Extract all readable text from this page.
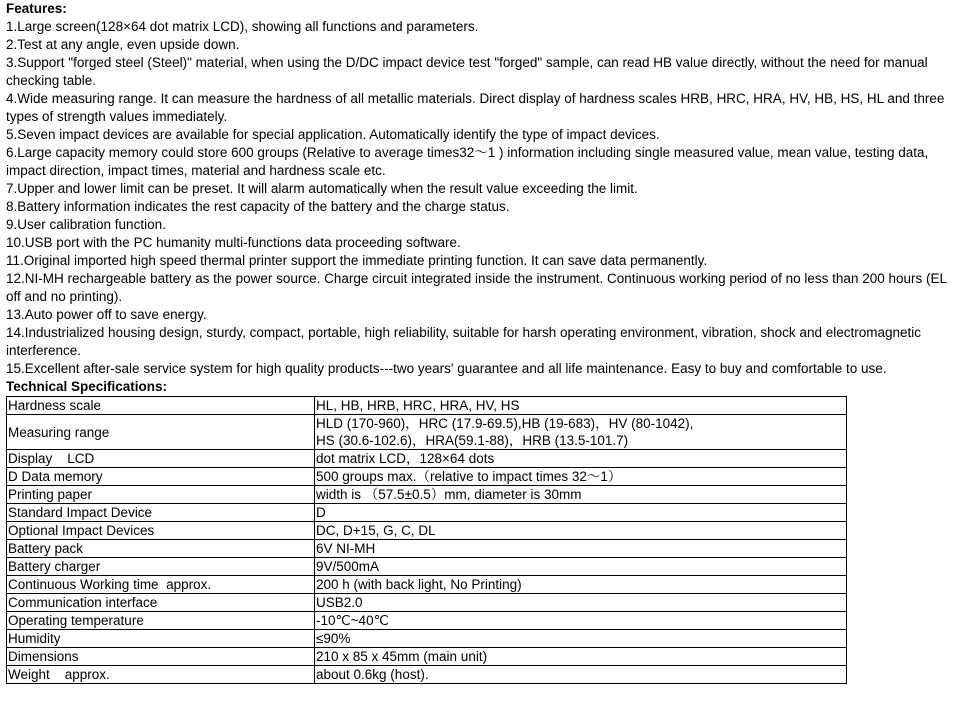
Features:
1.Large screen(128×64 dot matrix LCD), showing all functions and parameters.
2.Test at any angle, even upside down.
3.Support "forged steel (Steel)" material, when using the D/DC impact device test "forged" sample, can read HB value directly, without the need for manual checking table.
4.Wide measuring range. It can measure the hardness of all metallic materials. Direct display of hardness scales HRB, HRC, HRA, HV, HB, HS, HL and three types of strength values immediately.
5.Seven impact devices are available for special application. Automatically identify the type of impact devices.
6.Large capacity memory could store 600 groups (Relative to average times32～1 ) information including single measured value, mean value, testing data, impact direction, impact times, material and hardness scale etc.
7.Upper and lower limit can be preset. It will alarm automatically when the result value exceeding the limit.
8.Battery information indicates the rest capacity of the battery and the charge status.
9.User calibration function.
10.USB port with the PC humanity multi-functions data proceeding software.
11.Original imported high speed thermal printer support the immediate printing function. It can save data permanently.
12.NI-MH rechargeable battery as the power source. Charge circuit integrated inside the instrument. Continuous working period of no less than 200 hours (EL off and no printing).
13.Auto power off to save energy.
14.Industrialized housing design, sturdy, compact, portable, high reliability, suitable for harsh operating environment, vibration, shock and electromagnetic interference.
15.Excellent after-sale service system for high quality products---two years' guarantee and all life maintenance. Easy to buy and comfortable to use.
Technical Specifications:
Hardness scale	HL, HB, HRB, HRC, HRA, HV, HS
Measuring range	HLD (170-960)，HRC (17.9-69.5),HB (19-683)，HV (80-1042),
HS (30.6-102.6)，HRA(59.1-88)，HRB (13.5-101.7)

Display    LCD	dot matrix LCD，128×64 dots
D Data memory	500 groups max.（relative to impact times 32～1）
Printing paper	width is （57.5±0.5）mm, diameter is 30mm
Standard Impact Device	D
Optional Impact Devices	DC, D+15, G, C, DL
Battery pack	6V NI-MH
Battery charger	9V/500mA
Continuous Working time  approx.	200 h (with back light, No Printing)
Communication interface	USB2.0
Operating temperature	-10℃~40℃
Humidity	≤90%
Dimensions	210 x 85 x 45mm (main unit)
Weight    approx.	about 0.6kg (host).
